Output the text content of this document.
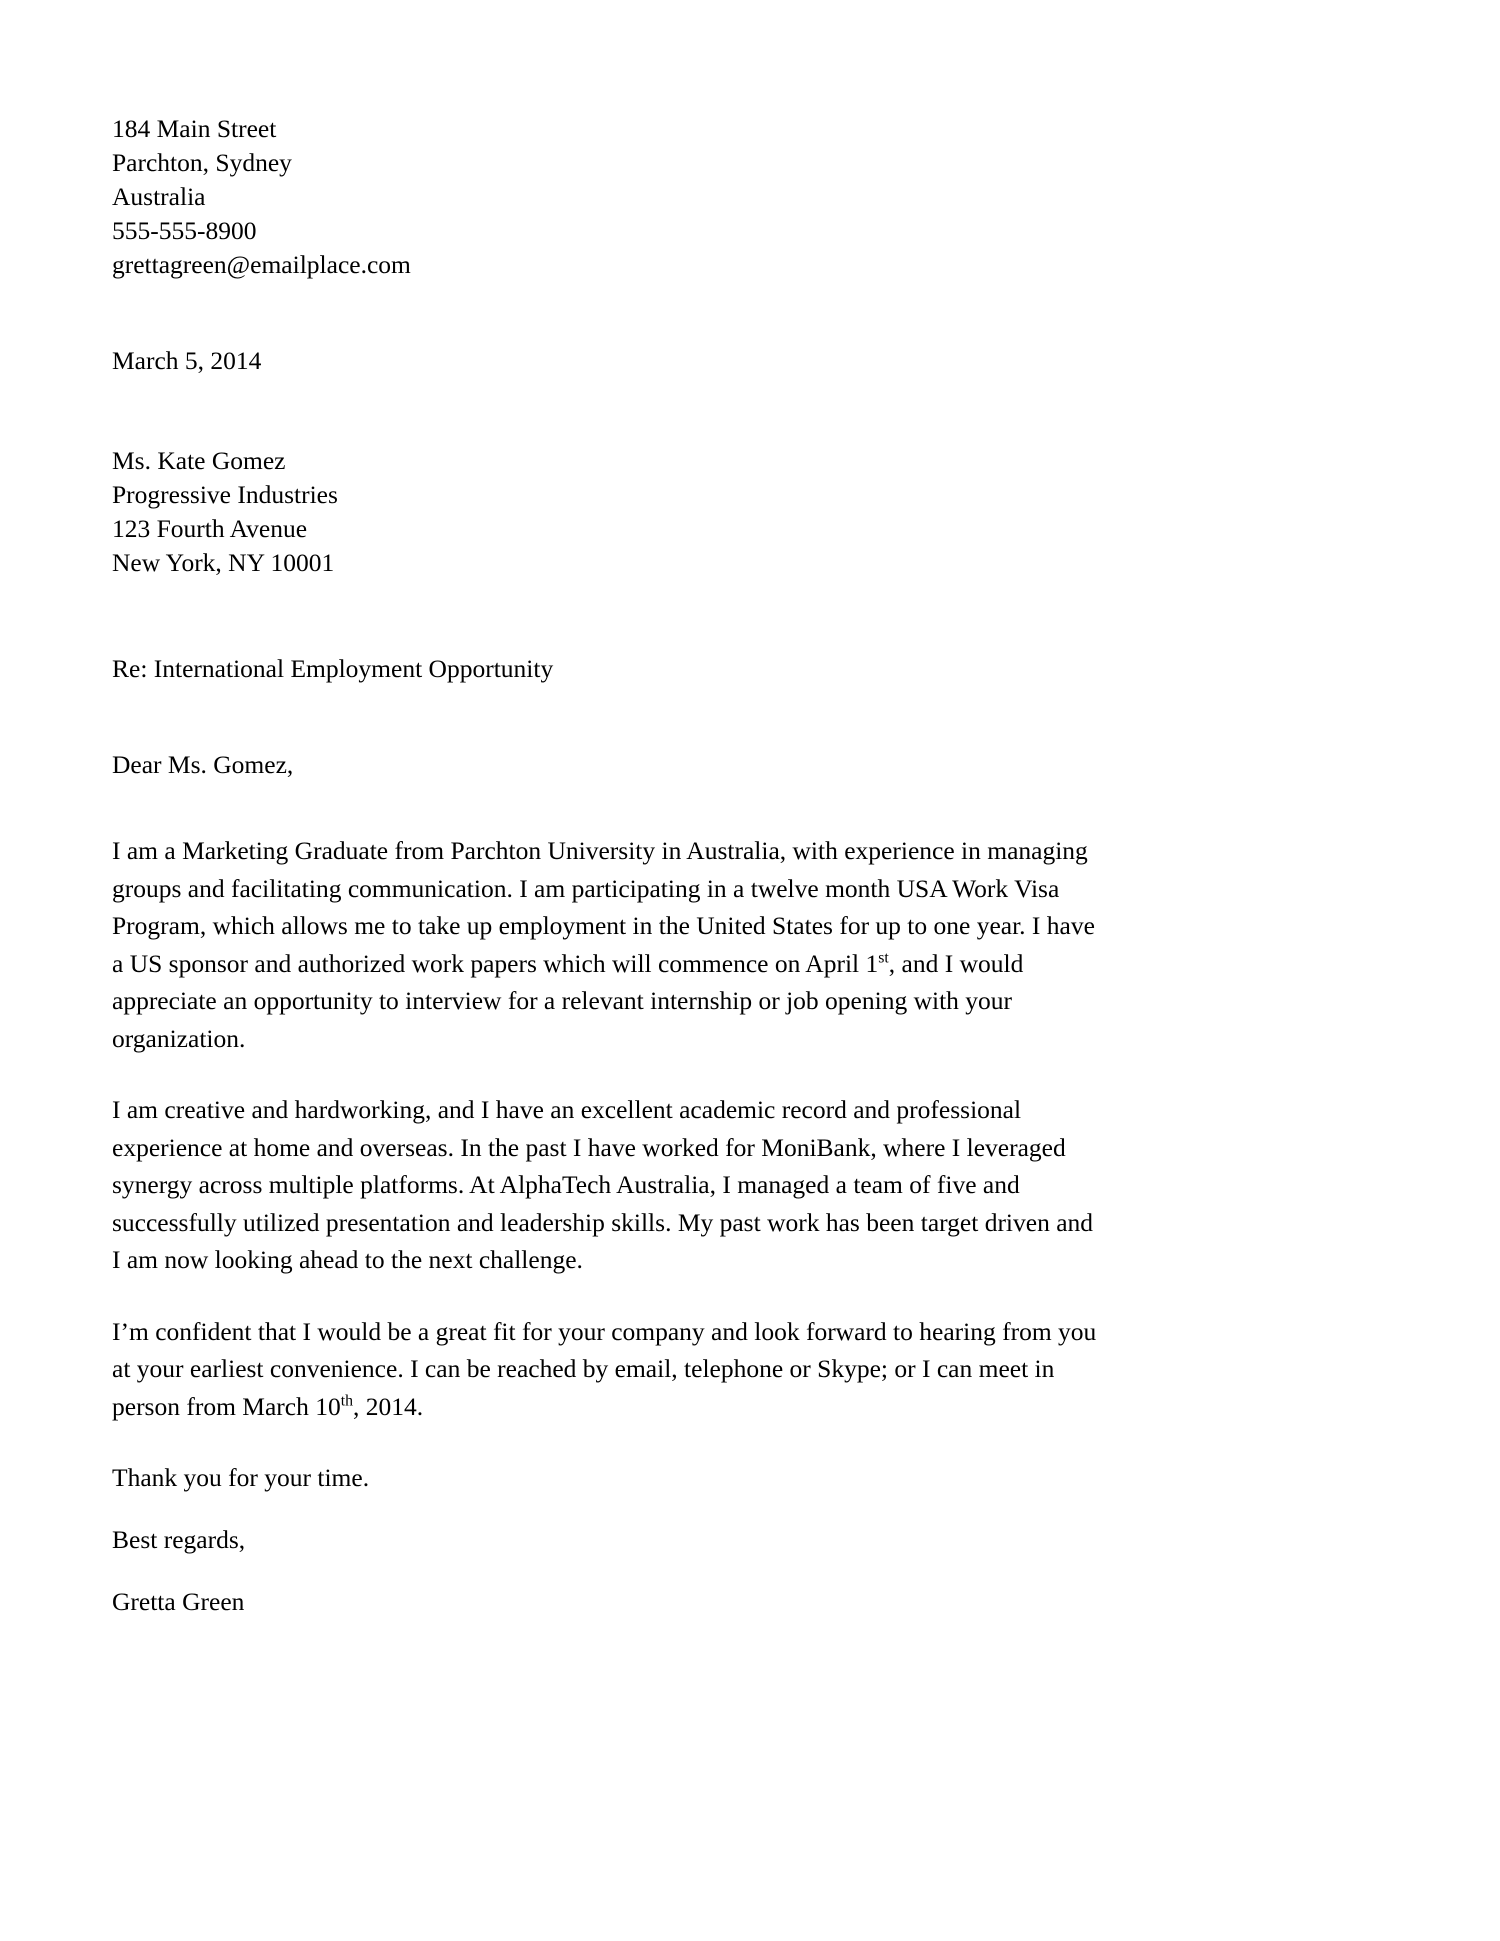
184 Main Street
Parchton, Sydney
Australia
555-555-8900
grettagreen@emailplace.com
March 5, 2014
Ms. Kate Gomez
Progressive Industries
123 Fourth Avenue
New York, NY 10001
Re: International Employment Opportunity
Dear Ms. Gomez,

I am a Marketing Graduate from Parchton University in Australia, with experience in managing groups and facilitating communication. I am participating in a twelve month USA Work Visa Program, which allows me to take up employment in the United States for up to one year. I have a US sponsor and authorized work papers which will commence on April 1st, and I would appreciate an opportunity to interview for a relevant internship or job opening with your organization.

I am creative and hardworking, and I have an excellent academic record and professional experience at home and overseas. In the past I have worked for MoniBank, where I leveraged synergy across multiple platforms. At AlphaTech Australia, I managed a team of five and successfully utilized presentation and leadership skills. My past work has been target driven and I am now looking ahead to the next challenge.

I’m confident that I would be a great fit for your company and look forward to hearing from you at your earliest convenience. I can be reached by email, telephone or Skype; or I can meet in person from March 10th, 2014.

Thank you for your time.

Best regards,

Gretta Green
